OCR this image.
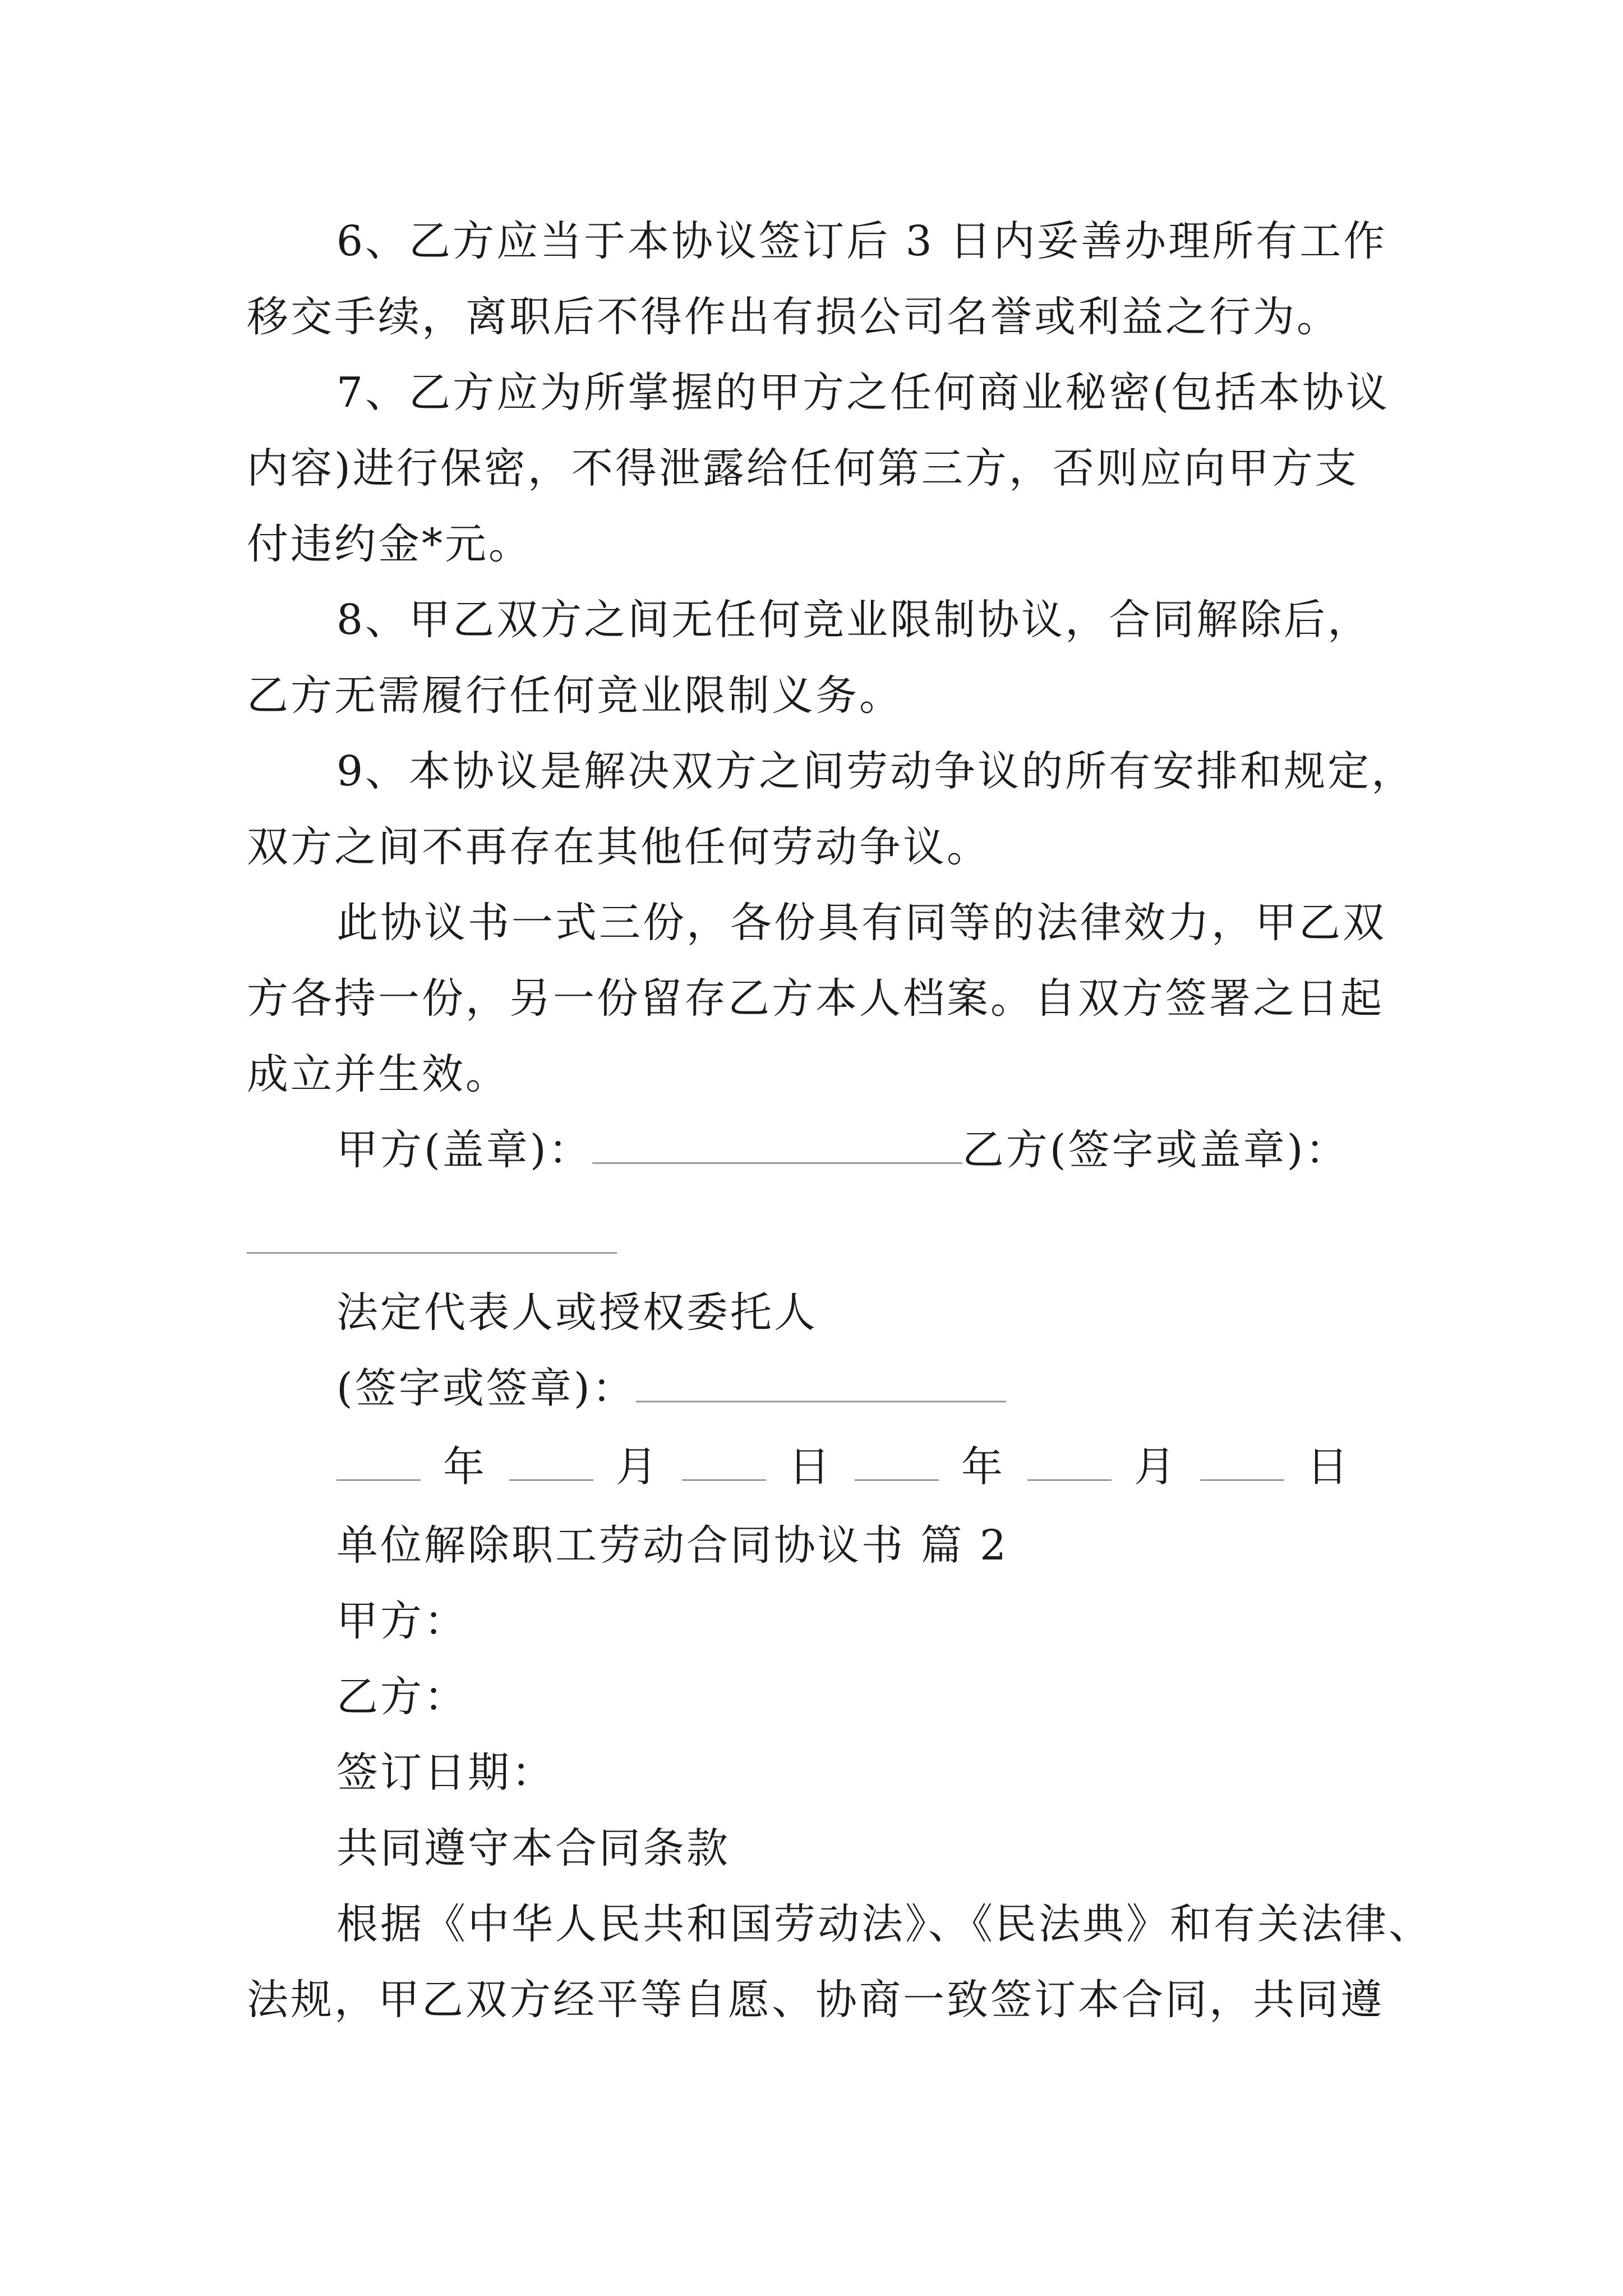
6、乙方应当于本协议签订后 3 日内妥善办理所有工作
移交手续，离职后不得作出有损公司名誉或利益之行为。
7、乙方应为所掌握的甲方之任何商业秘密(包括本协议
内容)进行保密，不得泄露给任何第三方，否则应向甲方支
付违约金*元。
8、甲乙双方之间无任何竞业限制协议，合同解除后，
乙方无需履行任何竞业限制义务。
9、本协议是解决双方之间劳动争议的所有安排和规定，
双方之间不再存在其他任何劳动争议。
此协议书一式三份，各份具有同等的法律效力，甲乙双
方各持一份，另一份留存乙方本人档案。自双方签署之日起
成立并生效。
甲方(盖章)：	乙方(签字或盖章)：
法定代表人或授权委托人
(签字或签章)：
年	月	日	年	月	日
单位解除职工劳动合同协议书 篇 2
甲方：
乙方：
签订日期：
共同遵守本合同条款
根据《中华人民共和国劳动法》、《民法典》和有关法律、
法规，甲乙双方经平等自愿、协商一致签订本合同，共同遵
